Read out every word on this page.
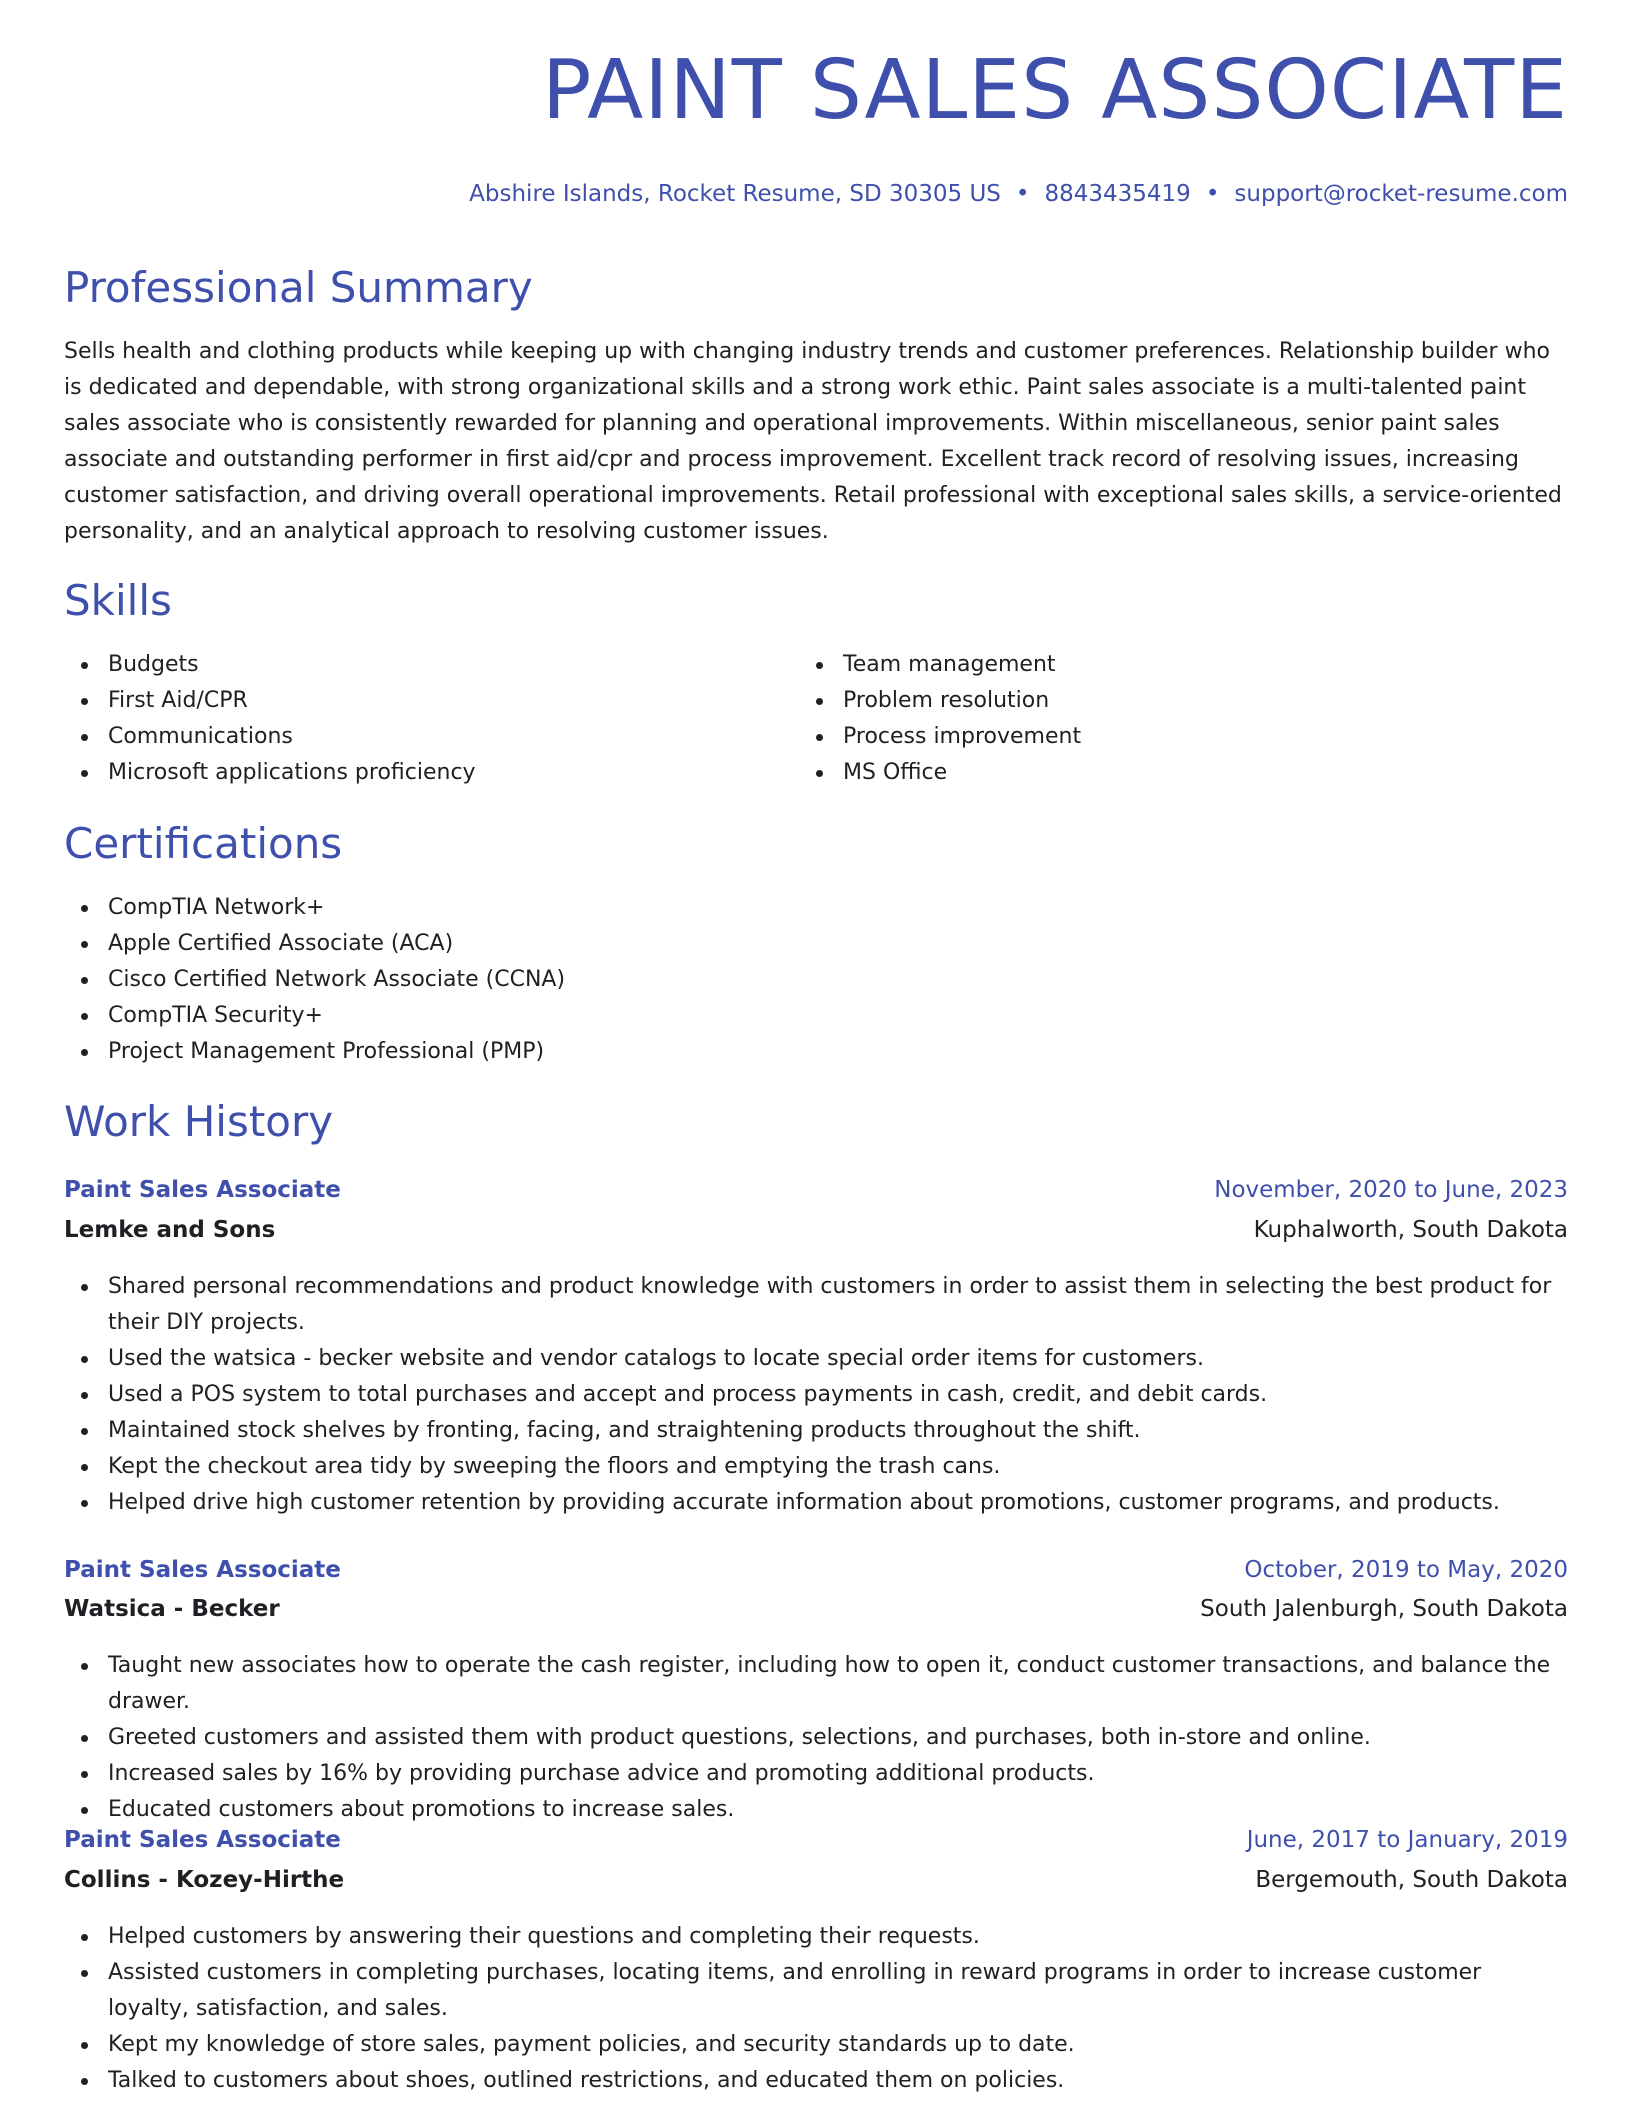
PAINT SALES ASSOCIATE
Abshire Islands, Rocket Resume, SD 30305 US • 8843435419 • support@rocket-resume.com
Professional Summary

Sells health and clothing products while keeping up with changing industry trends and customer preferences. Relationship builder who is dedicated and dependable, with strong organizational skills and a strong work ethic. Paint sales associate is a multi-talented paint sales associate who is consistently rewarded for planning and operational improvements. Within miscellaneous, senior paint sales associate and outstanding performer in first aid/cpr and process improvement. Excellent track record of resolving issues, increasing customer satisfaction, and driving overall operational improvements. Retail professional with exceptional sales skills, a service-oriented personality, and an analytical approach to resolving customer issues.

Skills
Budgets
First Aid/CPR
Communications
Microsoft applications proficiency
Team management
Problem resolution
Process improvement
MS Office
Certifications
CompTIA Network+
Apple Certified Associate (ACA)
Cisco Certified Network Associate (CCNA)
CompTIA Security+
Project Management Professional (PMP)
Work History
Paint Sales Associate	November, 2020 to June, 2023
Lemke and Sons	Kuphalworth, South Dakota
Shared personal recommendations and product knowledge with customers in order to assist them in selecting the best product for their DIY projects.
Used the watsica - becker website and vendor catalogs to locate special order items for customers.
Used a POS system to total purchases and accept and process payments in cash, credit, and debit cards.
Maintained stock shelves by fronting, facing, and straightening products throughout the shift.
Kept the checkout area tidy by sweeping the floors and emptying the trash cans.
Helped drive high customer retention by providing accurate information about promotions, customer programs, and products.
Paint Sales Associate	October, 2019 to May, 2020
Watsica - Becker	South Jalenburgh, South Dakota
Taught new associates how to operate the cash register, including how to open it, conduct customer transactions, and balance the drawer.
Greeted customers and assisted them with product questions, selections, and purchases, both in-store and online.
Increased sales by 16% by providing purchase advice and promoting additional products.
Educated customers about promotions to increase sales.
Paint Sales Associate	June, 2017 to January, 2019
Collins - Kozey-Hirthe	Bergemouth, South Dakota
Helped customers by answering their questions and completing their requests.
Assisted customers in completing purchases, locating items, and enrolling in reward programs in order to increase customer loyalty, satisfaction, and sales.
Kept my knowledge of store sales, payment policies, and security standards up to date.
Talked to customers about shoes, outlined restrictions, and educated them on policies.
